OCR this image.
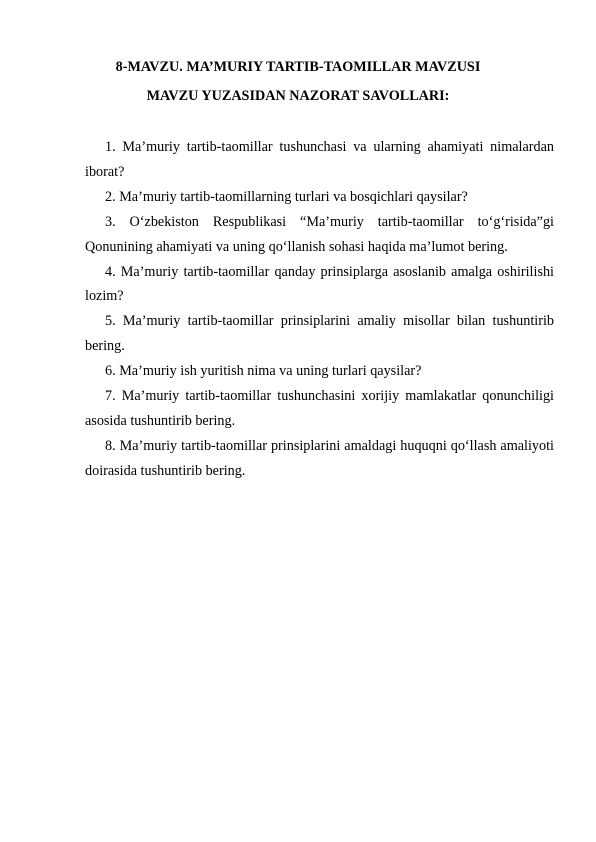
8-MAVZU. MA’MURIY TARTIB-TAOMILLAR MAVZUSI
MAVZU YUZASIDAN NAZORAT SAVOLLARI:

1. Ma’muriy tartib-taomillar tushunchasi va ularning ahamiyati nimalardan iborat?

2. Ma’muriy tartib-taomillarning turlari va bosqichlari qaysilar?

3. O‘zbekiston Respublikasi “Ma’muriy tartib-taomillar to‘g‘risida”gi Qonunining ahamiyati va uning qo‘llanish sohasi haqida ma’lumot bering.

4. Ma’muriy tartib-taomillar qanday prinsiplarga asoslanib amalga oshirilishi lozim?

5. Ma’muriy tartib-taomillar prinsiplarini amaliy misollar bilan tushuntirib bering.

6. Ma’muriy ish yuritish nima va uning turlari qaysilar?

7. Ma’muriy tartib-taomillar tushunchasini xorijiy mamlakatlar qonunchiligi asosida tushuntirib bering.

8. Ma’muriy tartib-taomillar prinsiplarini amaldagi huquqni qo‘llash amaliyoti doirasida tushuntirib bering.
